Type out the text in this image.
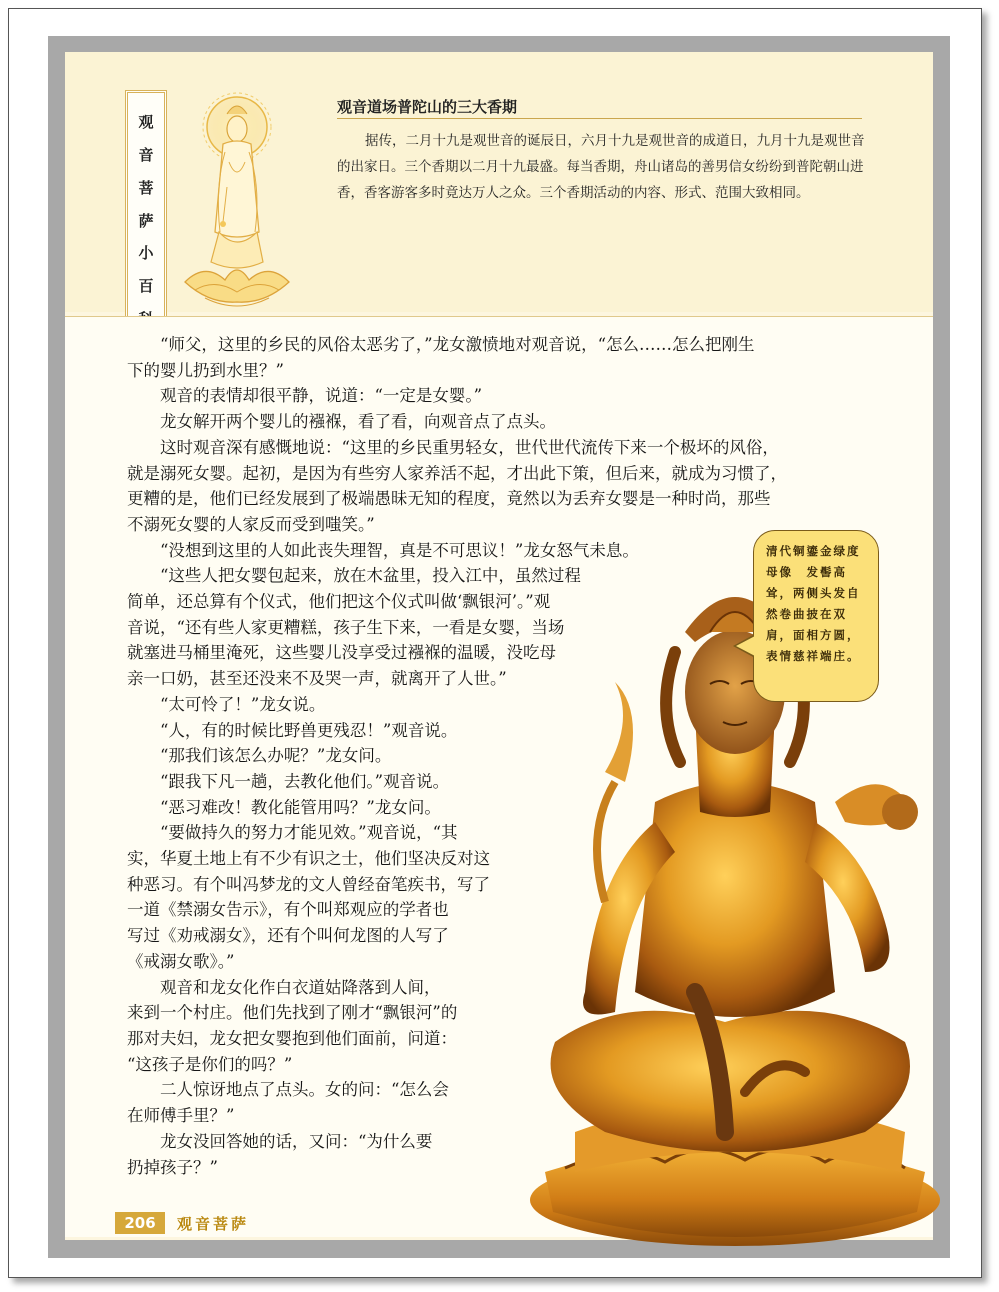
观
音
菩
萨
小
百
观音道场普陀山的三大香期
据传，二月十九是观世音的诞辰日，六月十九是观世音的成道日，九月十九是观世音的出家日。三个香期以二月十九最盛。每当香期，舟山诸岛的善男信女纷纷到普陀朝山进香，香客游客多时竟达万人之众。三个香期活动的内容、形式、范围大致相同。

“师父，这里的乡民的风俗太恶劣了，”龙女激愤地对观音说，“怎么……怎么把刚生

下的婴儿扔到水里？”

观音的表情却很平静，说道：“一定是女婴。”

龙女解开两个婴儿的襁褓，看了看，向观音点了点头。

这时观音深有感慨地说：“这里的乡民重男轻女，世代世代流传下来一个极坏的风俗，

就是溺死女婴。起初，是因为有些穷人家养活不起，才出此下策，但后来，就成为习惯了，

更糟的是，他们已经发展到了极端愚昧无知的程度，竟然以为丢弃女婴是一种时尚，那些

不溺死女婴的人家反而受到嗤笑。”

“没想到这里的人如此丧失理智，真是不可思议！”龙女怒气未息。

“这些人把女婴包起来，放在木盆里，投入江中，虽然过程

简单，还总算有个仪式，他们把这个仪式叫做‘飘银河’。”观

音说，“还有些人家更糟糕，孩子生下来，一看是女婴，当场

就塞进马桶里淹死，这些婴儿没享受过襁褓的温暖，没吃母

亲一口奶，甚至还没来不及哭一声，就离开了人世。”

“太可怜了！”龙女说。

“人，有的时候比野兽更残忍！”观音说。

“那我们该怎么办呢？”龙女问。

“跟我下凡一趟，去教化他们。”观音说。

“恶习难改！教化能管用吗？”龙女问。

“要做持久的努力才能见效。”观音说，“其

实，华夏土地上有不少有识之士，他们坚决反对这

种恶习。有个叫冯梦龙的文人曾经奋笔疾书，写了

一道《禁溺女告示》，有个叫郑观应的学者也

写过《劝戒溺女》，还有个叫何龙图的人写了

《戒溺女歌》。”

观音和龙女化作白衣道姑降落到人间，

来到一个村庄。他们先找到了刚才“飘银河”的

那对夫妇，龙女把女婴抱到他们面前，问道：

“这孩子是你们的吗？”

二人惊讶地点了点头。女的问：“怎么会

在师傅手里？”

龙女没回答她的话，又问：“为什么要

扔掉孩子？”

清代铜鎏金绿度母像　发髻高耸，两侧头发自然卷曲披在双肩，面相方圆，表情慈祥端庄。
206	观音菩萨
